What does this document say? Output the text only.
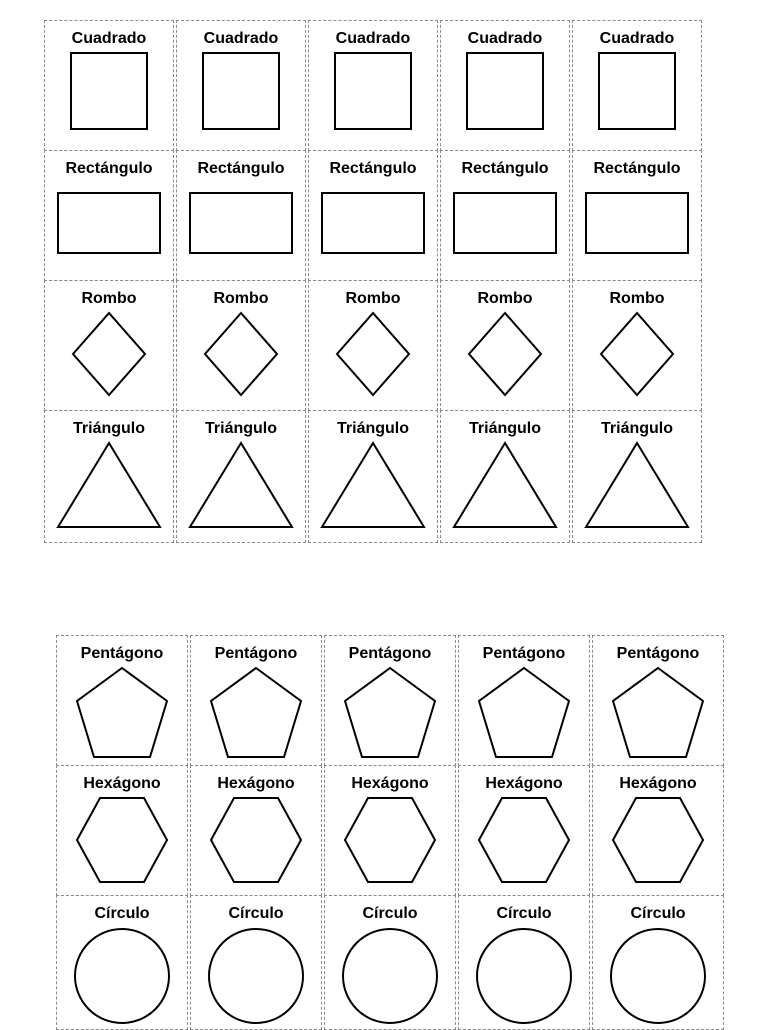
Cuadrado
Rectángulo
Rombo
Triángulo
Cuadrado
Rectángulo
Rombo
Triángulo
Cuadrado
Rectángulo
Rombo
Triángulo
Cuadrado
Rectángulo
Rombo
Triángulo
Cuadrado
Rectángulo
Rombo
Triángulo
Pentágono
Hexágono
Círculo
Pentágono
Hexágono
Círculo
Pentágono
Hexágono
Círculo
Pentágono
Hexágono
Círculo
Pentágono
Hexágono
Círculo
